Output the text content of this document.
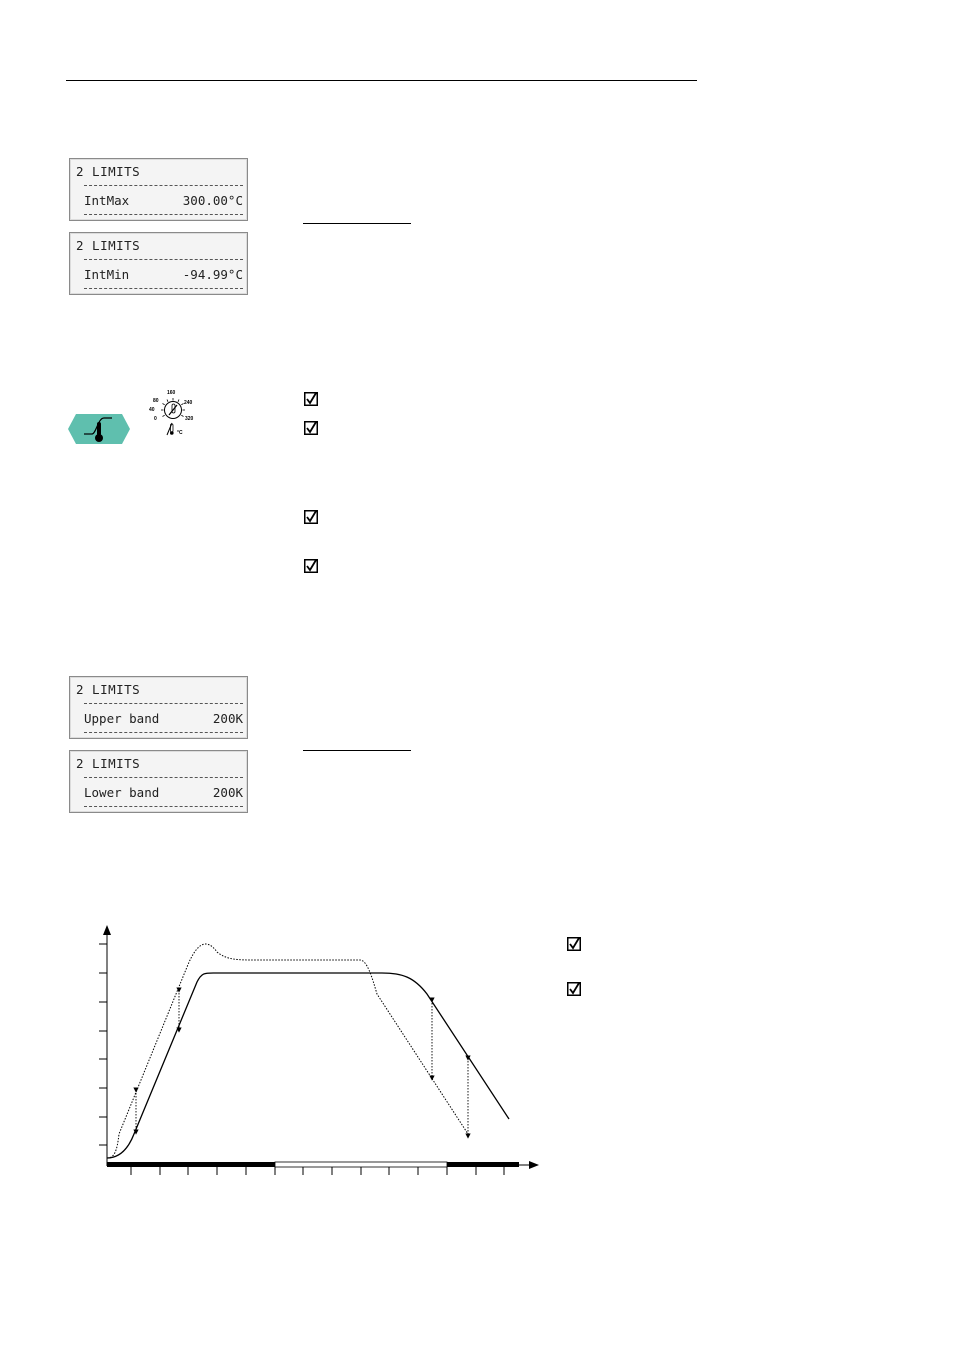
2 LIMITS
IntMax	300.00°C
2 LIMITS
IntMin	-94.99°C
0
40
80
160
240
320
°C
2 LIMITS
Upper band	200K
2 LIMITS
Lower band	200K
